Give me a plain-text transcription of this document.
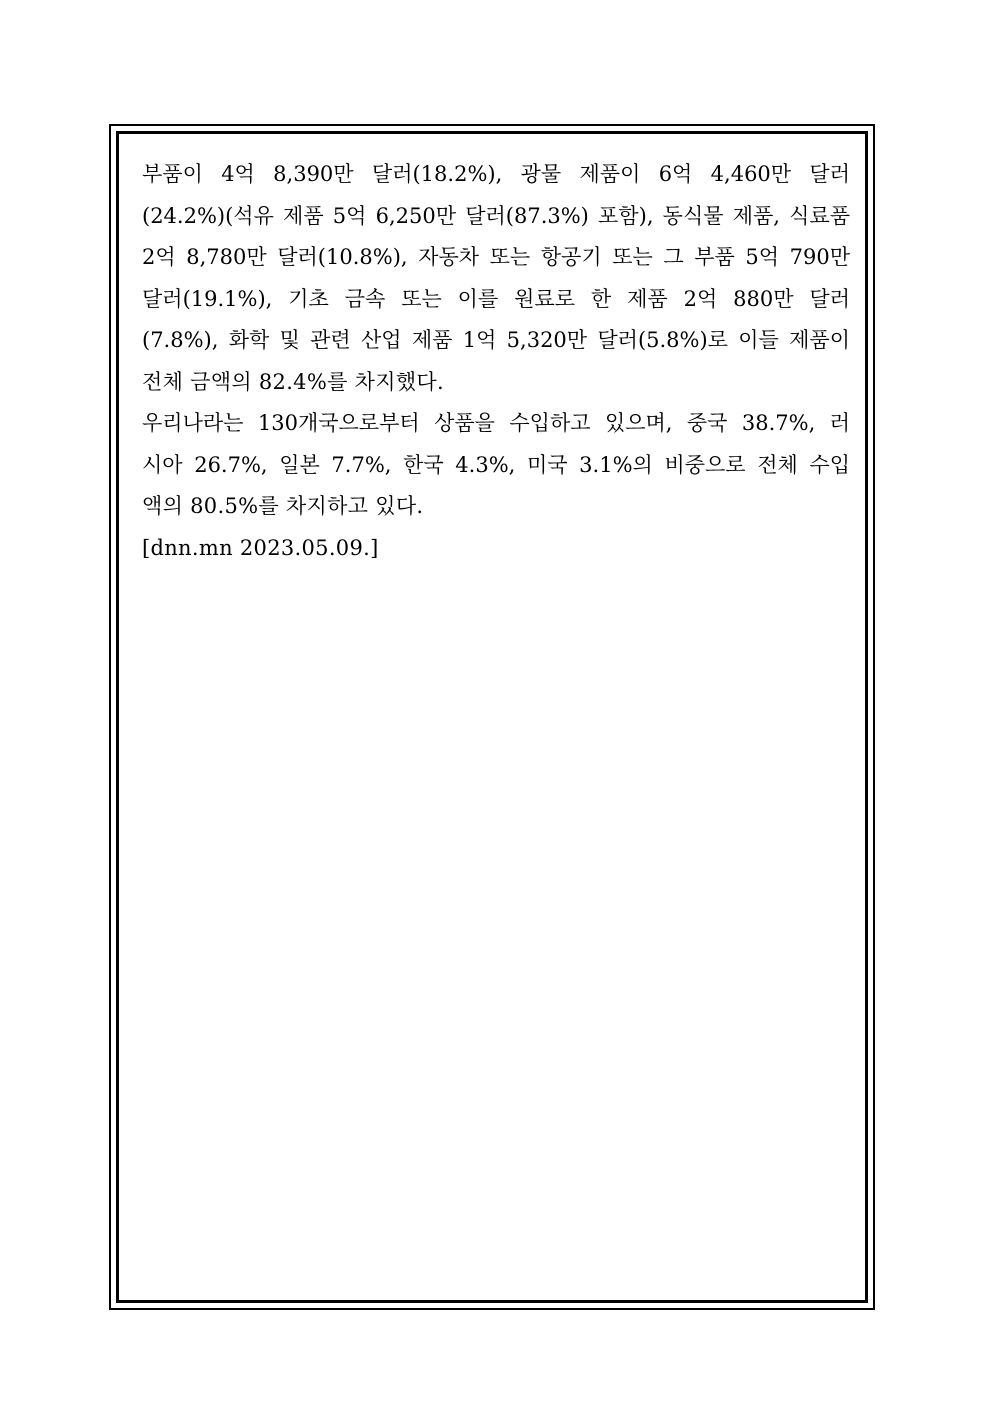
부품이 4억 8,390만 달러(18.2%), 광물 제품이 6억 4,460만 달러
(24.2%)(석유 제품 5억 6,250만 달러(87.3%) 포함), 동식물 제품, 식료품
2억 8,780만 달러(10.8%), 자동차 또는 항공기 또는 그 부품 5억 790만
달러(19.1%), 기초 금속 또는 이를 원료로 한 제품 2억 880만 달러
(7.8%), 화학 및 관련 산업 제품 1억 5,320만 달러(5.8%)로 이들 제품이
전체 금액의 82.4%를 차지했다.
우리나라는 130개국으로부터 상품을 수입하고 있으며, 중국 38.7%, 러
시아 26.7%, 일본 7.7%, 한국 4.3%, 미국 3.1%의 비중으로 전체 수입
액의 80.5%를 차지하고 있다.
[dnn.mn 2023.05.09.]
